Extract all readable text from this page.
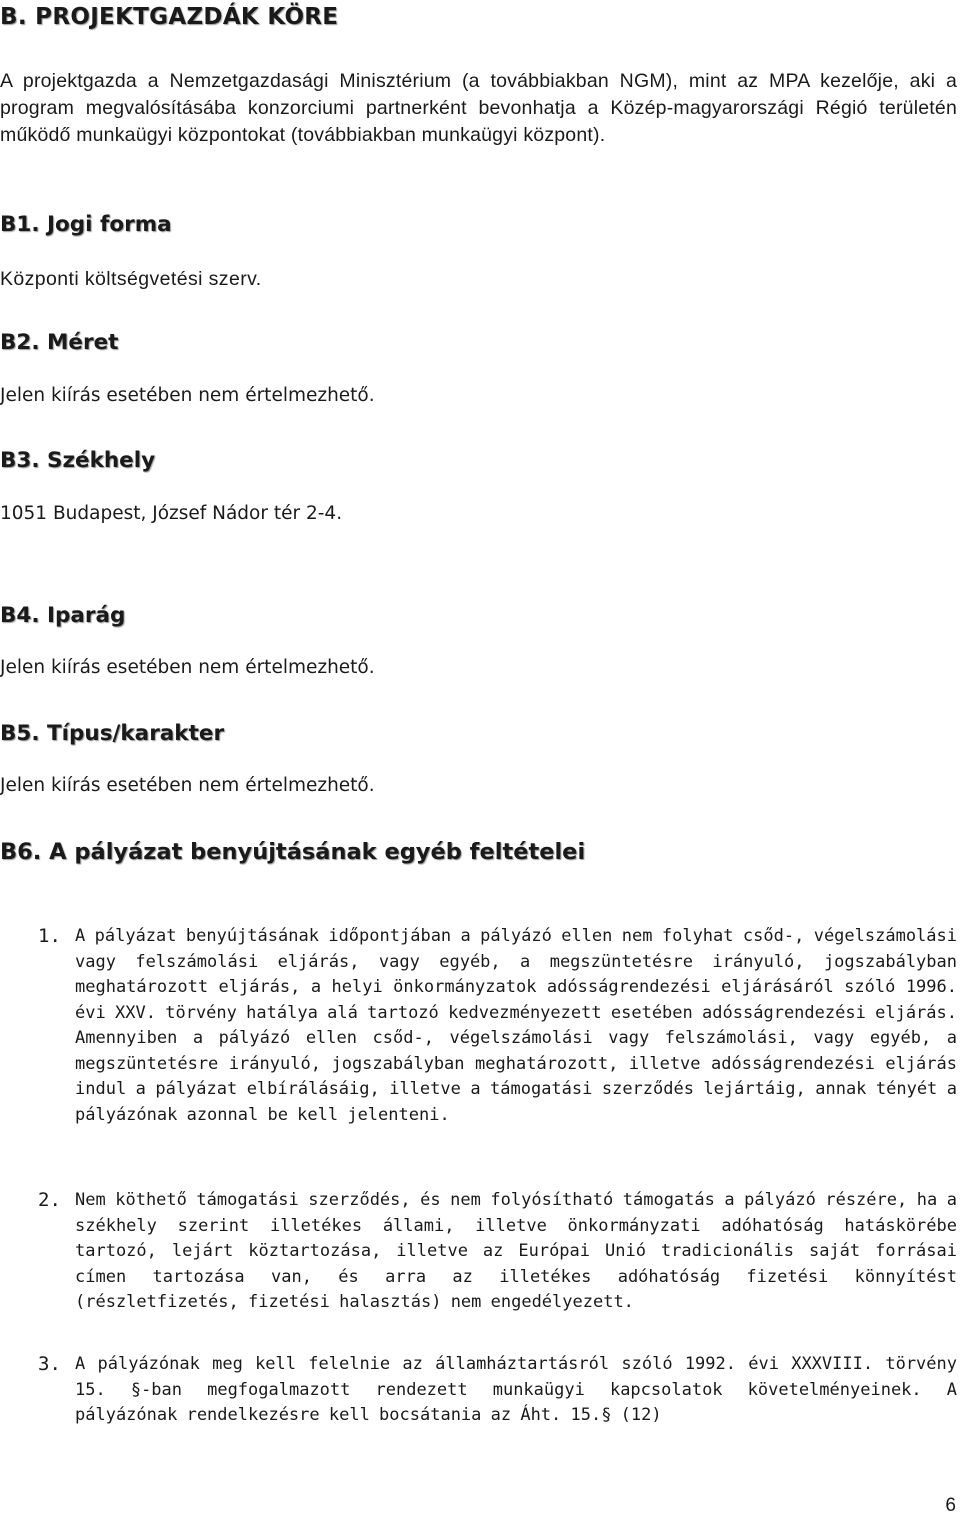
B. PROJEKTGAZDÁK KÖRE
A projektgazda a Nemzetgazdasági Minisztérium (a továbbiakban NGM), mint az MPA kezelője, aki a program megvalósításába konzorciumi partnerként bevonhatja a Közép-magyarországi Régió területén működő munkaügyi központokat (továbbiakban munkaügyi központ).
B1. Jogi forma
Központi költségvetési szerv.
B2. Méret
Jelen kiírás esetében nem értelmezhető.
B3. Székhely
1051 Budapest, József Nádor tér 2-4.
B4. Iparág
Jelen kiírás esetében nem értelmezhető.
B5. Típus/karakter
Jelen kiírás esetében nem értelmezhető.
B6. A pályázat benyújtásának egyéb feltételei
1. A pályázat benyújtásának időpontjában a pályázó ellen nem folyhat csőd-, végelszámolási vagy felszámolási eljárás, vagy egyéb, a megszüntetésre irányuló, jogszabályban meghatározott eljárás, a helyi önkormányzatok adósságrendezési eljárásáról szóló 1996. évi XXV. törvény hatálya alá tartozó kedvezményezett esetében adósságrendezési eljárás. Amennyiben a pályázó ellen csőd-, végelszámolási vagy felszámolási, vagy egyéb, a megszüntetésre irányuló, jogszabályban meghatározott, illetve adósságrendezési eljárás indul a pályázat elbírálásáig, illetve a támogatási szerződés lejártáig, annak tényét a pályázónak azonnal be kell jelenteni.
2. Nem köthető támogatási szerződés, és nem folyósítható támogatás a pályázó részére, ha a székhely szerint illetékes állami, illetve önkormányzati adóhatóság hatáskörébe tartozó, lejárt köztartozása, illetve az Európai Unió tradicionális saját forrásai címen tartozása van, és arra az illetékes adóhatóság fizetési könnyítést (részletfizetés, fizetési halasztás) nem engedélyezett.
3. A pályázónak meg kell felelnie az államháztartásról szóló 1992. évi XXXVIII. törvény 15. §-ban megfogalmazott rendezett munkaügyi kapcsolatok követelményeinek. A pályázónak rendelkezésre kell bocsátania az Áht. 15.§ (12)
6
